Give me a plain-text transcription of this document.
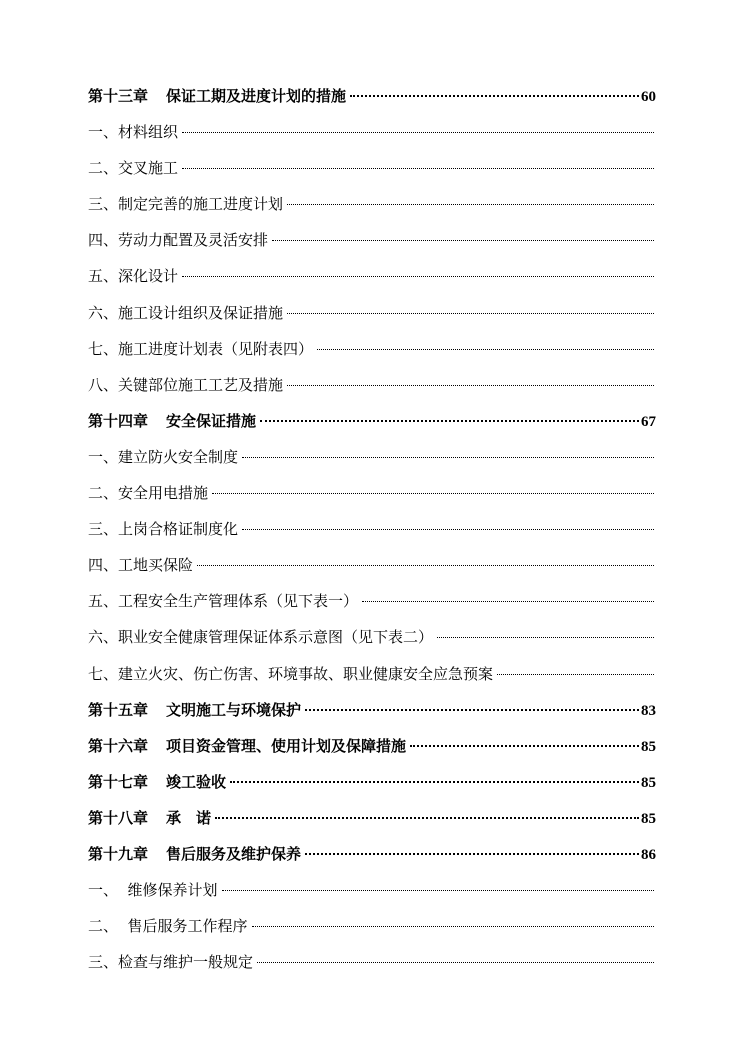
第十三章 保证工期及进度计划的措施	60
一、材料组织
二、交叉施工
三、制定完善的施工进度计划
四、劳动力配置及灵活安排
五、深化设计
六、施工设计组织及保证措施
七、施工进度计划表（见附表四）
八、关键部位施工工艺及措施
第十四章 安全保证措施	67
一、建立防火安全制度
二、安全用电措施
三、上岗合格证制度化
四、工地买保险
五、工程安全生产管理体系（见下表一）
六、职业安全健康管理保证体系示意图（见下表二）
七、建立火灾、伤亡伤害、环境事故、职业健康安全应急预案
第十五章 文明施工与环境保护	83
第十六章 项目资金管理、使用计划及保障措施	85
第十七章 竣工验收	85
第十八章 承　诺	85
第十九章 售后服务及维护保养	86
一、  维修保养计划
二、  售后服务工作程序
三、检查与维护一般规定
